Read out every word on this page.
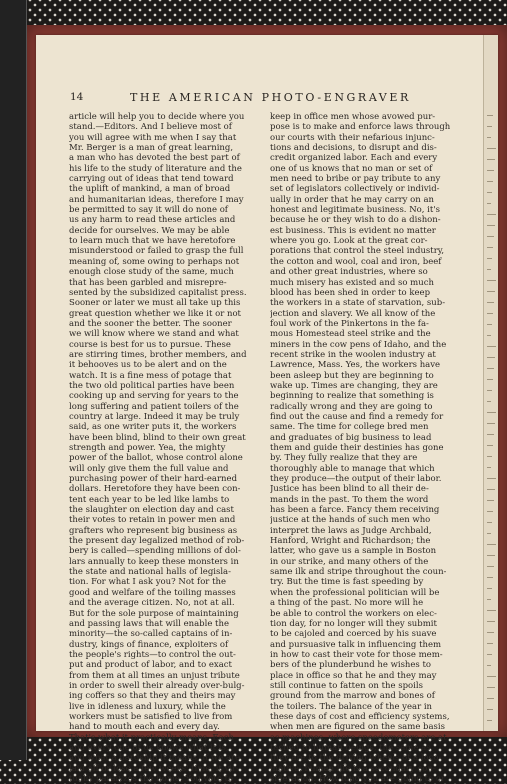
14	THE AMERICAN PHOTO-ENGRAVER
article will help you to decide where you
stand.—Editors. And I believe most of
you will agree with me when I say that
Mr. Berger is a man of great learning,
a man who has devoted the best part of
his life to the study of literature and the
carrying out of ideas that tend toward
the uplift of mankind, a man of broad
and humanitarian ideas, therefore I may
be permitted to say it will do none of
us any harm to read these articles and
decide for ourselves. We may be able
to learn much that we have heretofore
misunderstood or failed to grasp the full
meaning of, some owing to perhaps not
enough close study of the same, much
that has been garbled and misrepre-
sented by the subsidized capitalist press.
Sooner or later we must all take up this
great question whether we like it or not
and the sooner the better. The sooner
we will know where we stand and what
course is best for us to pursue. These
are stirring times, brother members, and
it behooves us to be alert and on the
watch. It is a fine mess of potage that
the two old political parties have been
cooking up and serving for years to the
long suffering and patient toilers of the
country at large. Indeed it may be truly
said, as one writer puts it, the workers
have been blind, blind to their own great
strength and power. Yea, the mighty
power of the ballot, whose control alone
will only give them the full value and
purchasing power of their hard-earned
dollars. Heretofore they have been con-
tent each year to be led like lambs to
the slaughter on election day and cast
their votes to retain in power men and
grafters who represent big business as
the present day legalized method of rob-
bery is called—spending millions of dol-
lars annually to keep these monsters in
the state and national halls of legisla-
tion. For what I ask you? Not for the
good and welfare of the toiling masses
and the average citizen. No, not at all.
But for the sole purpose of maintaining
and passing laws that will enable the
minority—the so-called captains of in-
dustry, kings of finance, exploiters of
the people's rights—to control the out-
put and product of labor, and to exact
from them at all times an unjust tribute
in order to swell their already over-bulg-
ing coffers so that they and theirs may
live in idleness and luxury, while the
workers must be satisfied to live from
hand to mouth each and every day.
That's what it practically means. Each
and every one of us knows what it is,
and what a hardship it means, if we are
laid off or lose a few weeks' time, it vir-
tually paralyzes the home. You vote to
keep in office men whose avowed pur-
pose is to make and enforce laws through
our courts with their nefarious injunc-
tions and decisions, to disrupt and dis-
credit organized labor. Each and every
one of us knows that no man or set of
men need to bribe or pay tribute to any
set of legislators collectively or individ-
ually in order that he may carry on an
honest and legitimate business. No, it's
because he or they wish to do a dishon-
est business. This is evident no matter
where you go. Look at the great cor-
porations that control the steel industry,
the cotton and wool, coal and iron, beef
and other great industries, where so
much misery has existed and so much
blood has been shed in order to keep
the workers in a state of starvation, sub-
jection and slavery. We all know of the
foul work of the Pinkertons in the fa-
mous Homestead steel strike and the
miners in the cow pens of Idaho, and the
recent strike in the woolen industry at
Lawrence, Mass. Yes, the workers have
been asleep but they are beginning to
wake up. Times are changing, they are
beginning to realize that something is
radically wrong and they are going to
find out the cause and find a remedy for
same. The time for college bred men
and graduates of big business to lead
them and guide their destinies has gone
by. They fully realize that they are
thoroughly able to manage that which
they produce—the output of their labor.
Justice has been blind to all their de-
mands in the past. To them the word
has been a farce. Fancy them receiving
justice at the hands of such men who
interpret the laws as Judge Archbald,
Hanford, Wright and Richardson; the
latter, who gave us a sample in Boston
in our strike, and many others of the
same ilk and stripe throughout the coun-
try. But the time is fast speeding by
when the professional politician will be
a thing of the past. No more will he
be able to control the workers on elec-
tion day, for no longer will they submit
to be cajoled and coerced by his suave
and pursuasive talk in influencing them
in how to cast their vote for those mem-
bers of the plunderbund he wishes to
place in office so that he and they may
still continue to fatten on the spoils
ground from the marrow and bones of
the toilers. The balance of the year in
these days of cost and efficiency systems,
when men are figured on the same basis
as machines, where speedometers are at-
tached to human beings, the same as
they are to the driving wheels of a loco-
motive, human life is a secondary con-
sideration. How long you are going to or
